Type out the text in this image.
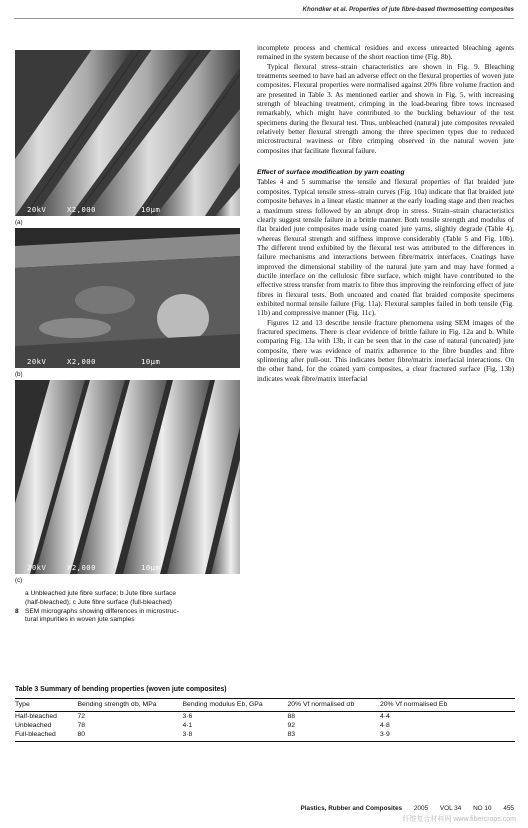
Khondker et al. Properties of jute fibre-based thermosetting composites
20kV	X2,000	10μm
(a)
20kV	X2,000	10μm
(b)
20kV	X2,000	10μm
(c)
a Unbleached jute fibre surface; b Jute fibre surface
(half-bleached); c Jute fibre surface (full-bleached)
8 SEM micrographs showing differences in microstruc-
tural impurities in woven jute samples

incomplete process and chemical residues and excess unreacted bleaching agents remained in the system because of the short reaction time (Fig. 8b).

Typical flexural stress–strain characteristics are shown in Fig. 9. Bleaching treatments seemed to have had an adverse effect on the flexural properties of woven jute composites. Flexural properties were normalised against 20% fibre volume fraction and are presented in Table 3. As mentioned earlier and shown in Fig. 5, with increasing strength of bleaching treatment, crimping in the load-bearing fibre tows increased remarkably, which might have contributed to the buckling behaviour of the test specimens during the flexural test. Thus, unbleached (natural) jute composites revealed relatively better flexural strength among the three specimen types due to reduced microstructural waviness or fibre crimping observed in the natural woven jute composites that facilitate flexural failure.

Effect of surface modification by yarn coating

Tables 4 and 5 summarise the tensile and flexural properties of flat braided jute composites. Typical tensile stress–strain curves (Fig. 10a) indicate that flat braided jute composite behaves in a linear elastic manner at the early loading stage and then reaches a maximum stress followed by an abrupt drop in stress. Strain–strain characteristics clearly suggest tensile failure in a brittle manner. Both tensile strength and modulus of flat braided jute composites made using coated jute yarns, slightly degrade (Table 4), whereas flexural strength and stiffness improve considerably (Table 5 and Fig. 10b). The different trend exhibited by the flexural test was attributed to the differences in failure mechanisms and interactions between fibre/matrix interfaces. Coatings have improved the dimensional stability of the natural jute yarn and may have formed a ductile interface on the cellulosic fibre surface, which might have contributed to the effective stress transfer from matrix to fibre thus improving the reinforcing effect of jute fibres in flexural tests. Both uncoated and coated flat braided composite specimens exhibited normal tensile failure (Fig. 11a). Flexural samples failed in both tensile (Fig. 11b) and compressive manner (Fig. 11c).

Figures 12 and 13 describe tensile fracture phenomena using SEM images of the fractured specimens. There is clear evidence of brittle failure in Fig. 12a and b. While comparing Fig. 13a with 13b, it can be seen that in the case of natural (uncoated) jute composite, there was evidence of matrix adherence to the fibre bundles and fibre splintering after pull-out. This indicates better fibre/matrix interfacial interactions. On the other hand, for the coated yarn composites, a clear fractured surface (Fig. 13b) indicates weak fibre/matrix interfacial

Table 3 Summary of bending properties (woven jute composites)
Type	Bending strength σb, MPa	Bending modulus Eb, GPa	20% Vf normalised σb	20% Vf normalised Eb
Half-bleached	72	3·6	88	4·4
Unbleached	78	4·1	92	4·8
Full-bleached	80	3·8	83	3·9
Plastics, Rubber and Composites 2005 VOL 34 NO 10 455
纤维复合材料网 www.fibercrops.com
